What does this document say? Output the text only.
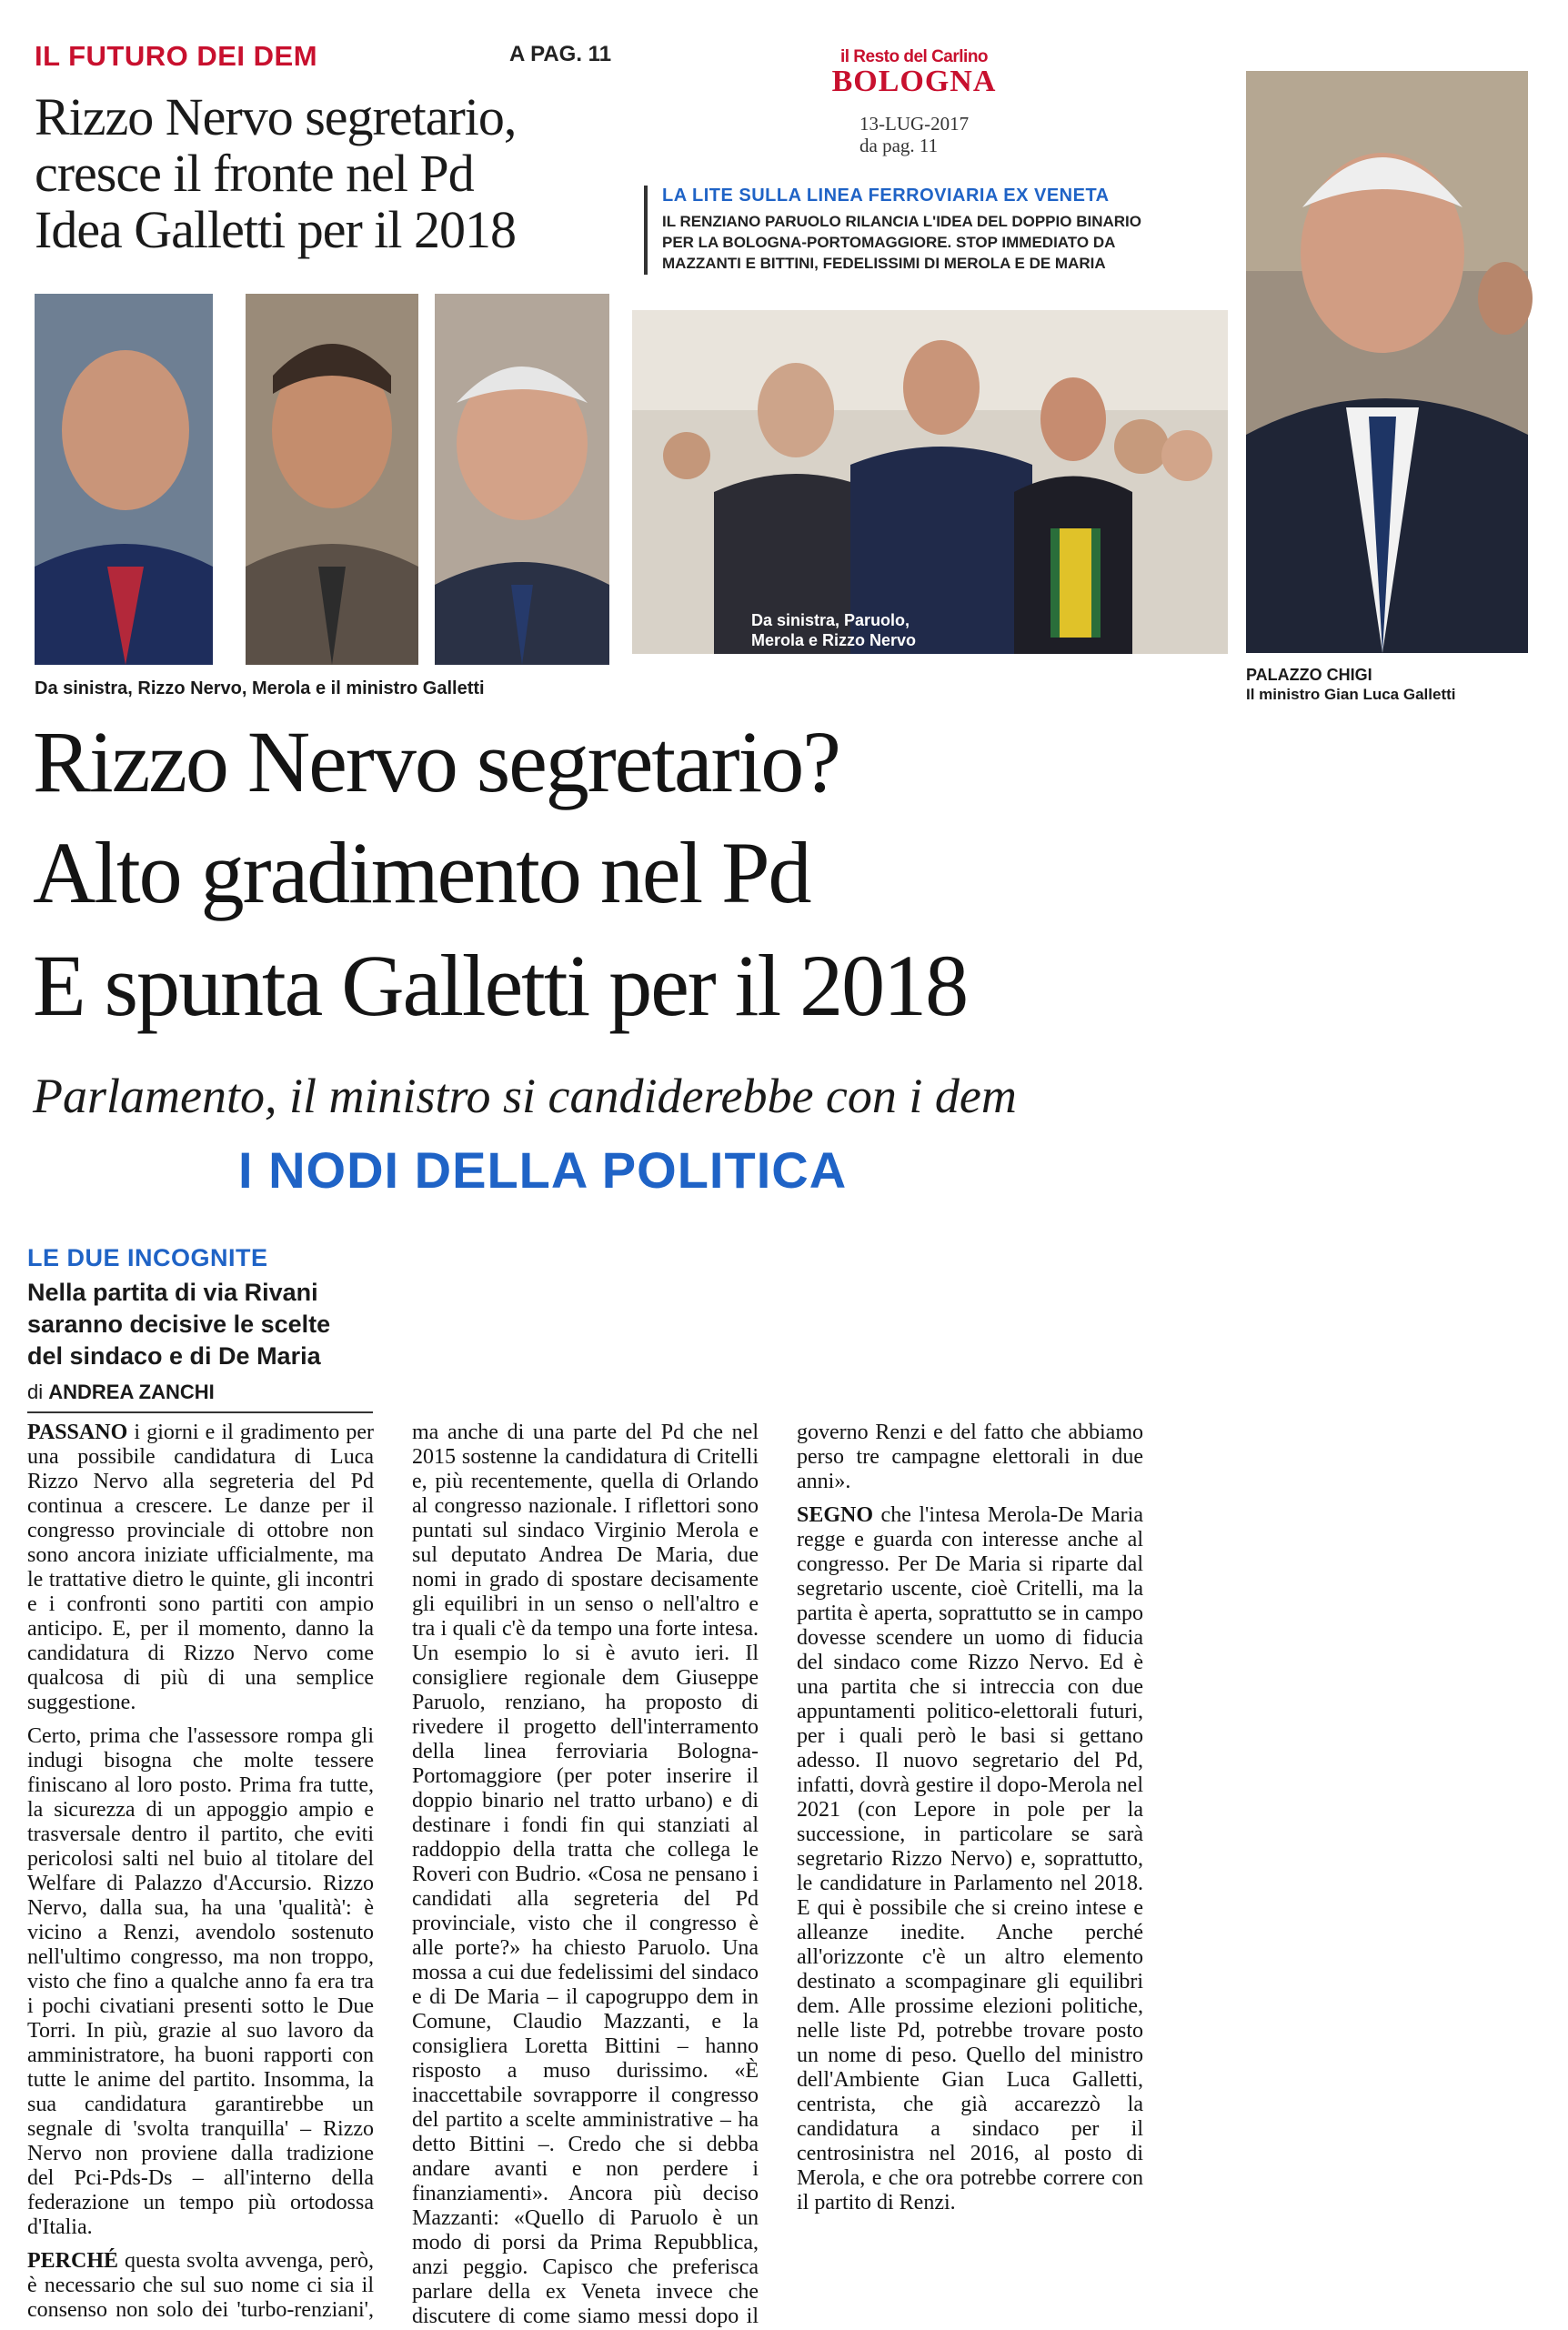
IL FUTURO DEI DEM	A PAG. 11
Rizzo Nervo segretario,
cresce il fronte nel Pd
Idea Galletti per il 2018
il Resto del Carlino
BOLOGNA
13-LUG-2017
da pag. 11
LA LITE SULLA LINEA FERROVIARIA EX VENETA
IL RENZIANO PARUOLO RILANCIA L'IDEA DEL DOPPIO BINARIO PER LA BOLOGNA-PORTOMAGGIORE. STOP IMMEDIATO DA MAZZANTI E BITTINI, FEDELISSIMI DI MEROLA E DE MARIA
Da sinistra, Rizzo Nervo, Merola e il ministro Galletti
Da sinistra, Paruolo,
Merola e Rizzo Nervo
PALAZZO CHIGI
Il ministro Gian Luca Galletti
Rizzo Nervo segretario?
Alto gradimento nel Pd
E spunta Galletti per il 2018
Parlamento, il ministro si candiderebbe con i dem
I NODI DELLA POLITICA
LE DUE INCOGNITE
Nella partita di via Rivani saranno decisive le scelte del sindaco e di De Maria
di ANDREA ZANCHI

PASSANO i giorni e il gradimento per una possibile candidatura di Luca Rizzo Nervo alla segreteria del Pd continua a crescere. Le danze per il congresso provinciale di ottobre non sono ancora iniziate ufficialmente, ma le trattative dietro le quinte, gli incontri e i confronti sono partiti con ampio anticipo. E, per il momento, danno la candidatura di Rizzo Nervo come qualcosa di più di una semplice suggestione.

Certo, prima che l'assessore rompa gli indugi bisogna che molte tessere finiscano al loro posto. Prima fra tutte, la sicurezza di un appoggio ampio e trasversale dentro il partito, che eviti pericolosi salti nel buio al titolare del Welfare di Palazzo d'Accursio. Rizzo Nervo, dalla sua, ha una 'qualità': è vicino a Renzi, avendolo sostenuto nell'ultimo congresso, ma non troppo, visto che fino a qualche anno fa era tra i pochi civatiani presenti sotto le Due Torri. In più, grazie al suo lavoro da amministratore, ha buoni rapporti con tutte le anime del partito. Insomma, la sua candidatura garantirebbe un segnale di 'svolta tranquilla' – Rizzo Nervo non proviene dalla tradizione del Pci-Pds-Ds – all'interno della federazione un tempo più ortodossa d'Italia.

PERCHÉ questa svolta avvenga, però, è necessario che sul suo nome ci sia il consenso non solo dei 'turbo-renziani', ma anche di una parte del Pd che nel 2015 sostenne la candidatura di Critelli e, più recentemente, quella di Orlando al congresso nazionale. I riflettori sono puntati sul sindaco Virginio Merola e sul deputato Andrea De Maria, due nomi in grado di spostare decisamente gli equilibri in un senso o nell'altro e tra i quali c'è da tempo una forte intesa. Un esempio lo si è avuto ieri. Il consigliere regionale dem Giuseppe Paruolo, renziano, ha proposto di rivedere il progetto dell'interramento della linea ferroviaria Bologna-Portomaggiore (per poter inserire il doppio binario nel tratto urbano) e di destinare i fondi fin qui stanziati al raddoppio della tratta che collega le Roveri con Budrio. «Cosa ne pensano i candidati alla segreteria del Pd provinciale, visto che il congresso è alle porte?» ha chiesto Paruolo. Una mossa a cui due fedelissimi del sindaco e di De Maria – il capogruppo dem in Comune, Claudio Mazzanti, e la consigliera Loretta Bittini – hanno risposto a muso durissimo. «È inaccettabile sovrapporre il congresso del partito a scelte amministrative – ha detto Bittini –. Credo che si debba andare avanti e non perdere i finanziamenti». Ancora più deciso Mazzanti: «Quello di Paruolo è un modo di porsi da Prima Repubblica, anzi peggio. Capisco che preferisca parlare della ex Veneta invece che discutere di come siamo messi dopo il governo Renzi e del fatto che abbiamo perso tre campagne elettorali in due anni».

SEGNO che l'intesa Merola-De Maria regge e guarda con interesse anche al congresso. Per De Maria si riparte dal segretario uscente, cioè Critelli, ma la partita è aperta, soprattutto se in campo dovesse scendere un uomo di fiducia del sindaco come Rizzo Nervo. Ed è una partita che si intreccia con due appuntamenti politico-elettorali futuri, per i quali però le basi si gettano adesso. Il nuovo segretario del Pd, infatti, dovrà gestire il dopo-Merola nel 2021 (con Lepore in pole per la successione, in particolare se sarà segretario Rizzo Nervo) e, soprattutto, le candidature in Parlamento nel 2018. E qui è possibile che si creino intese e alleanze inedite. Anche perché all'orizzonte c'è un altro elemento destinato a scompaginare gli equilibri dem. Alle prossime elezioni politiche, nelle liste Pd, potrebbe trovare posto un nome di peso. Quello del ministro dell'Ambiente Gian Luca Galletti, centrista, che già accarezzò la candidatura a sindaco per il centrosinistra nel 2016, al posto di Merola, e che ora potrebbe correre con il partito di Renzi.
